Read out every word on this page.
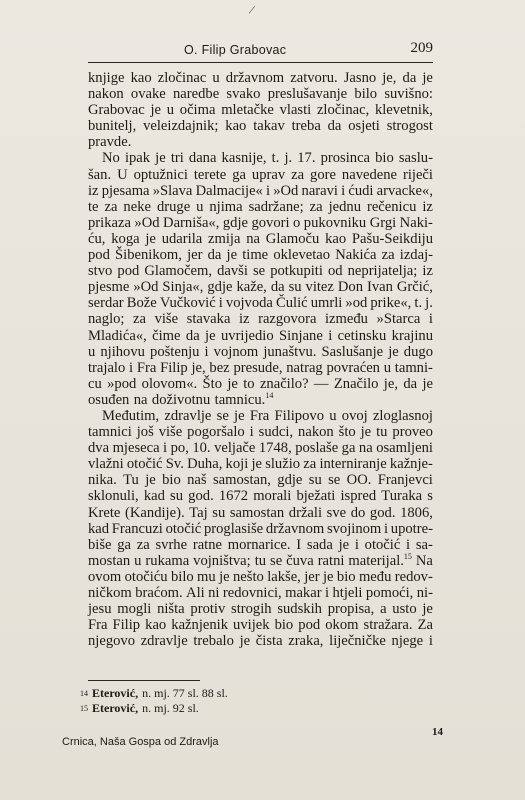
/
O. Filip Grabovac	209
knjige kao zločinac u državnom zatvoru. Jasno je, da je
nakon ovake naredbe svako preslušavanje bilo suvišno:
Grabovac je u očima mletačke vlasti zločinac, klevetnik,
bunitelj, veleizdajnik; kao takav treba da osjeti strogost
pravde.
No ipak je tri dana kasnije, t. j. 17. prosinca bio saslu-
šan. U optužnici terete ga uprav za gore navedene riječi
iz pjesama »Slava Dalmacije« i »Od naravi i ćudi arvacke«,
te za neke druge u njima sadržane; za jednu rečenicu iz
prikaza »Od Darniša«, gdje govori o pukovniku Grgi Naki-
ću, koga je udarila zmija na Glamoču kao Pašu-Seikdiju
pod Šibenikom, jer da je time oklevetao Nakića za izdaj-
stvo pod Glamočem, davši se potkupiti od neprijatelja; iz
pjesme »Od Sinja«, gdje kaže, da su vitez Don Ivan Grčić,
serdar Bože Vučković i vojvoda Čulić umrli »od prike«, t. j.
naglo; za više stavaka iz razgovora između »Starca i
Mladića«, čime da je uvrijedio Sinjane i cetinsku krajinu
u njihovu poštenju i vojnom junaštvu. Saslušanje je dugo
trajalo i Fra Filip je, bez presude, natrag povraćen u tamni-
cu »pod olovom«. Što je to značilo? — Značilo je, da je
osuđen na doživotnu tamnicu.$^{14}$
Međutim, zdravlje se je Fra Filipovo u ovoj zloglasnoj
tamnici još više pogoršalo i sudci, nakon što je tu proveo
dva mjeseca i po, 10. veljače 1748, poslaše ga na osamljeni
vlažni otočić Sv. Duha, koji je služio za interniranje kažnje-
nika. Tu je bio naš samostan, gdje su se OO. Franjevci
sklonuli, kad su god. 1672 morali bježati ispred Turaka s
Krete (Kandije). Taj su samostan držali sve do god. 1806,
kad Francuzi otočić proglasiše državnom svojinom i upotre-
biše ga za svrhe ratne mornarice. I sada je i otočić i sa-
mostan u rukama vojništva; tu se čuva ratni materijal.$^{15}$ Na
ovom otočiću bilo mu je nešto lakše, jer je bio među redov-
ničkom braćom. Ali ni redovnici, makar i htjeli pomoći, ni-
jesu mogli ništa protiv strogih sudskih propisa, a usto je
Fra Filip kao kažnjenik uvijek bio pod okom stražara. Za
njegovo zdravlje trebalo je čista zraka, liječničke njege i
14 Eterović, n. mj. 77 sl. 88 sl.
15 Eterović, n. mj. 92 sl.
Crnica, Naša Gospa od Zdravlja
14
